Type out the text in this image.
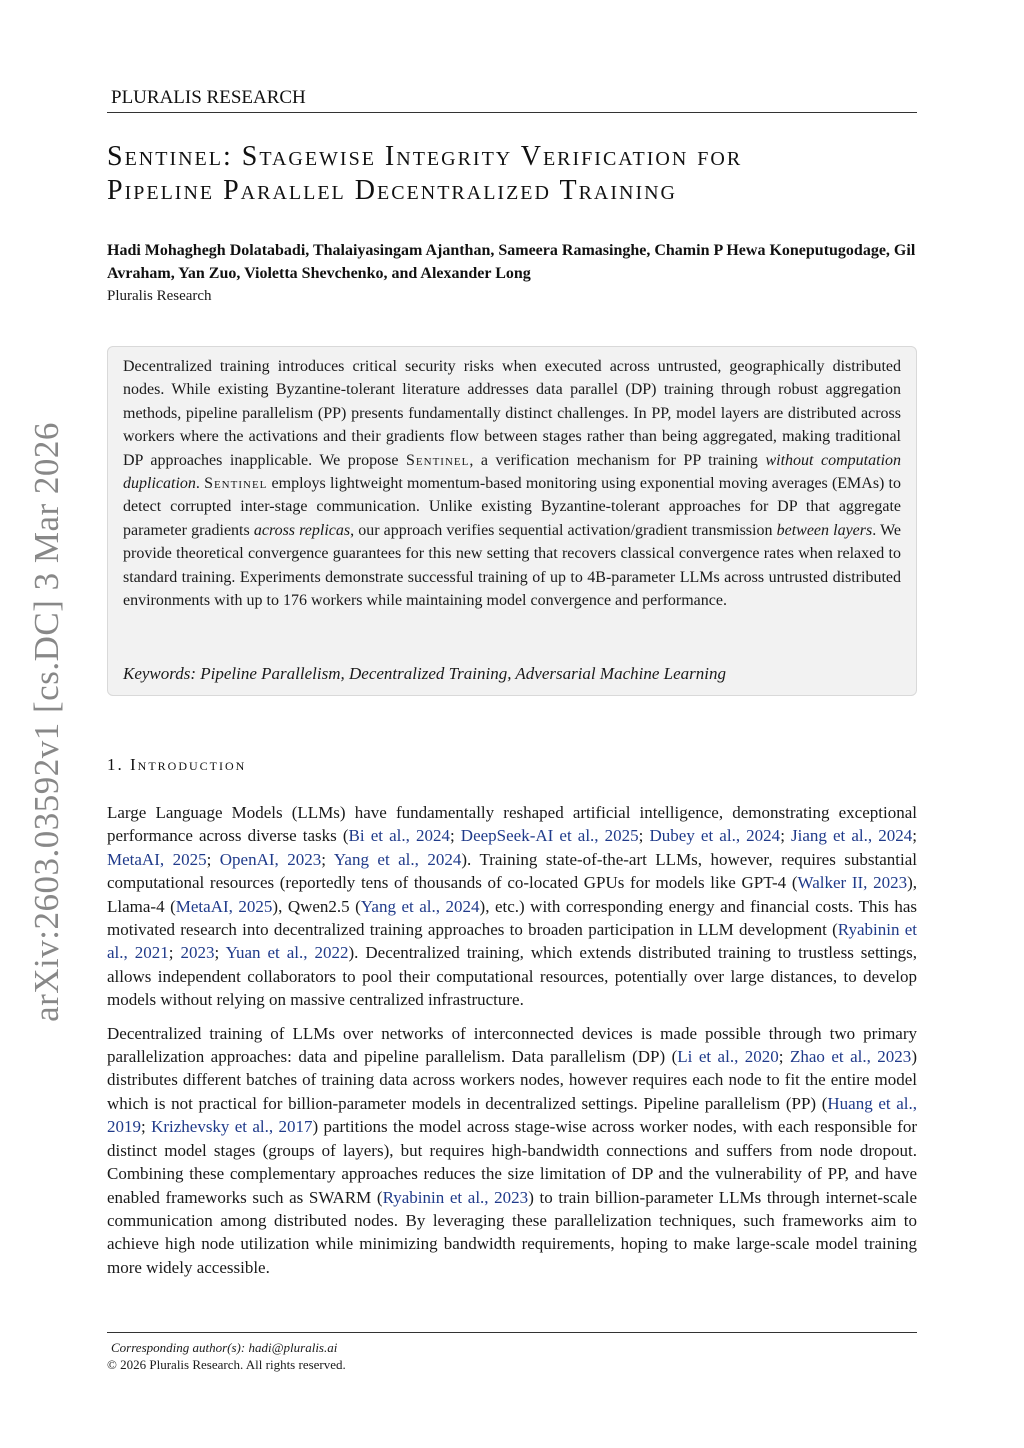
arXiv:2603.03592v1 [cs.DC] 3 Mar 2026
PLURALIS RESEARCH
Sentinel: Stagewise Integrity Verification for
Pipeline Parallel Decentralized Training
Hadi Mohaghegh Dolatabadi, Thalaiyasingam Ajanthan, Sameera Ramasinghe, Chamin P Hewa Koneputugodage, Gil Avraham, Yan Zuo, Violetta Shevchenko, and Alexander Long
Pluralis Research

Decentralized training introduces critical security risks when executed across untrusted, geographically distributed nodes. While existing Byzantine-tolerant literature addresses data parallel (DP) training through robust aggregation methods, pipeline parallelism (PP) presents fundamentally distinct challenges. In PP, model layers are distributed across workers where the activations and their gradients flow between stages rather than being aggregated, making traditional DP approaches inapplicable. We propose Sentinel, a verification mechanism for PP training without computation duplication. Sentinel employs lightweight momentum-based monitoring using exponential moving averages (EMAs) to detect corrupted inter-stage communication. Unlike existing Byzantine-tolerant approaches for DP that aggregate parameter gradients across replicas, our approach verifies sequential activation/gradient transmission between layers. We provide theoretical convergence guarantees for this new setting that recovers classical convergence rates when relaxed to standard training. Experiments demonstrate successful training of up to 4B-parameter LLMs across untrusted distributed environments with up to 176 workers while maintaining model convergence and performance.

Keywords: Pipeline Parallelism, Decentralized Training, Adversarial Machine Learning
1. Introduction

Large Language Models (LLMs) have fundamentally reshaped artificial intelligence, demonstrating exceptional performance across diverse tasks (Bi et al., 2024; DeepSeek-AI et al., 2025; Dubey et al., 2024; Jiang et al., 2024; MetaAI, 2025; OpenAI, 2023; Yang et al., 2024). Training state-of-the-art LLMs, however, requires substantial computational resources (reportedly tens of thousands of co-located GPUs for models like GPT-4 (Walker II, 2023), Llama-4 (MetaAI, 2025), Qwen2.5 (Yang et al., 2024), etc.) with corresponding energy and financial costs. This has motivated research into decentralized training approaches to broaden participation in LLM development (Ryabinin et al., 2021; 2023; Yuan et al., 2022). Decentralized training, which extends distributed training to trustless settings, allows independent collaborators to pool their computational resources, potentially over large distances, to develop models without relying on massive centralized infrastructure.

Decentralized training of LLMs over networks of interconnected devices is made possible through two primary parallelization approaches: data and pipeline parallelism. Data parallelism (DP) (Li et al., 2020; Zhao et al., 2023) distributes different batches of training data across workers nodes, however requires each node to fit the entire model which is not practical for billion-parameter models in decentralized settings. Pipeline parallelism (PP) (Huang et al., 2019; Krizhevsky et al., 2017) partitions the model across stage-wise across worker nodes, with each responsible for distinct model stages (groups of layers), but requires high-bandwidth connections and suffers from node dropout. Combining these complementary approaches reduces the size limitation of DP and the vulnerability of PP, and have enabled frameworks such as SWARM (Ryabinin et al., 2023) to train billion-parameter LLMs through internet-scale communication among distributed nodes. By leveraging these parallelization techniques, such frameworks aim to achieve high node utilization while minimizing bandwidth requirements, hoping to make large-scale model training more widely accessible.

Corresponding author(s): hadi@pluralis.ai
© 2026 Pluralis Research. All rights reserved.
